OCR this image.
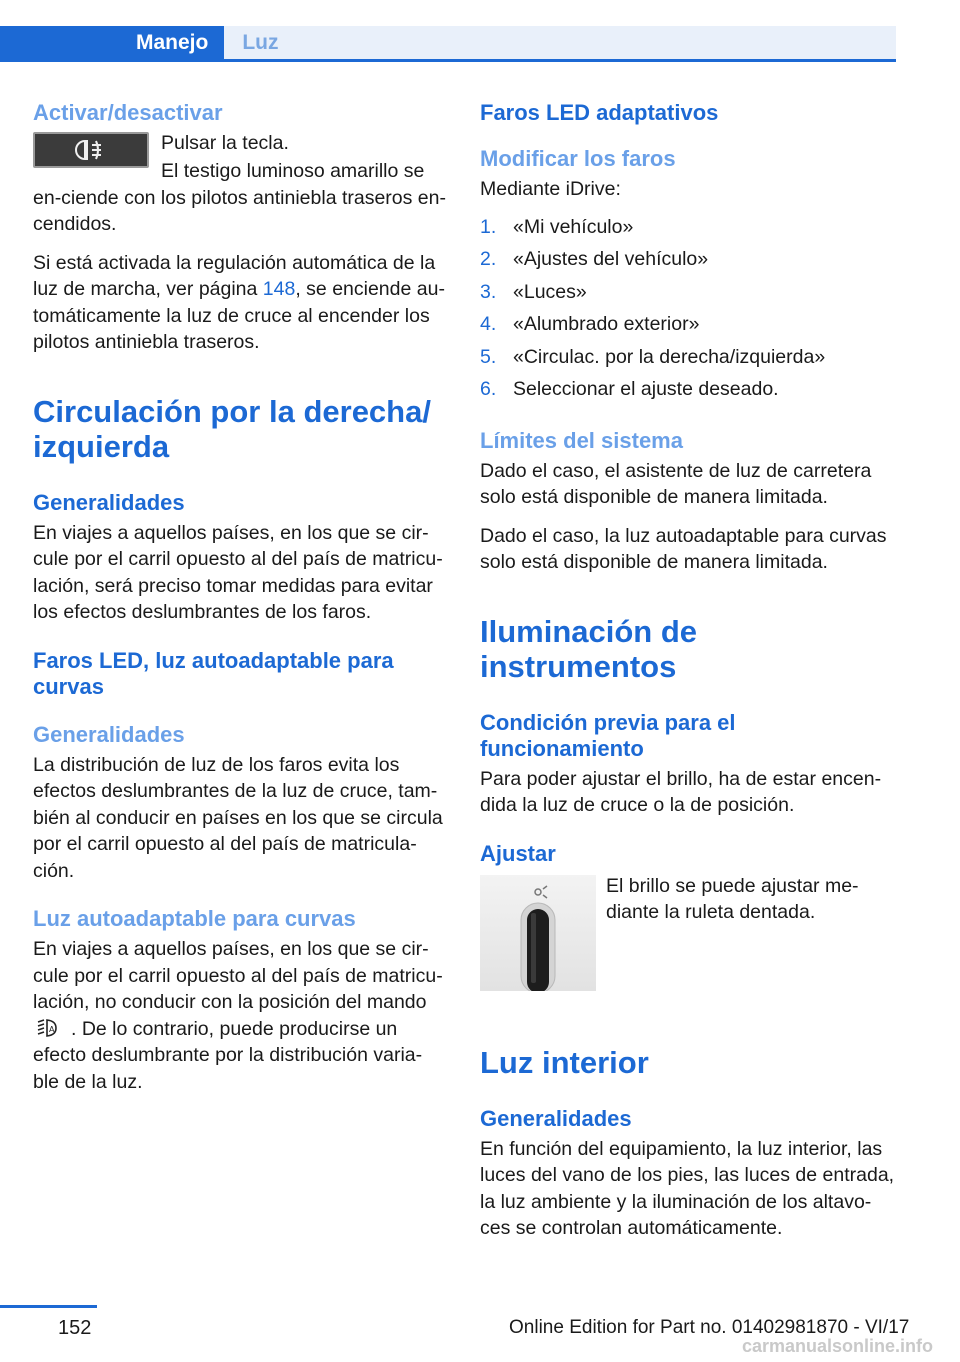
Manejo	Luz
Activar/desactivar

Pulsar la tecla.

El testigo luminoso amarillo se en‐ciende con los pilotos antiniebla traseros en‐cendidos.

Si está activada la regulación automática de la luz de marcha, ver página 148, se enciende au‐tomáticamente la luz de cruce al encender los pilotos antiniebla traseros.

Circulación por la derecha/ izquierda
Generalidades

En viajes a aquellos países, en los que se cir‐cule por el carril opuesto al del país de matricu‐lación, será preciso tomar medidas para evitar los efectos deslumbrantes de los faros.

Faros LED, luz autoadaptable para curvas
Generalidades

La distribución de luz de los faros evita los efectos deslumbrantes de la luz de cruce, tam‐bién al conducir en países en los que se circula por el carril opuesto al del país de matricula‐ción.

Luz autoadaptable para curvas

En viajes a aquellos países, en los que se cir‐cule por el carril opuesto al del país de matricu‐lación, no conducir con la posición del mando

A . De lo contrario, puede producirse un efecto deslumbrante por la distribución varia‐ble de la luz.

Faros LED adaptativos
Modificar los faros

Mediante iDrive:

1. «Mi vehículo»
2. «Ajustes del vehículo»
3. «Luces»
4. «Alumbrado exterior»
5. «Circulac. por la derecha/izquierda»
6. Seleccionar el ajuste deseado.
Límites del sistema

Dado el caso, el asistente de luz de carretera solo está disponible de manera limitada.

Dado el caso, la luz autoadaptable para curvas solo está disponible de manera limitada.

Iluminación de instrumentos
Condición previa para el funcionamiento

Para poder ajustar el brillo, ha de estar encen‐dida la luz de cruce o la de posición.

Ajustar

El brillo se puede ajustar me‐diante la ruleta dentada.

Luz interior
Generalidades

En función del equipamiento, la luz interior, las luces del vano de los pies, las luces de entrada, la luz ambiente y la iluminación de los altavo‐ces se controlan automáticamente.

152	Online Edition for Part no. 01402981870 - VI/17
carmanualsonline.info
